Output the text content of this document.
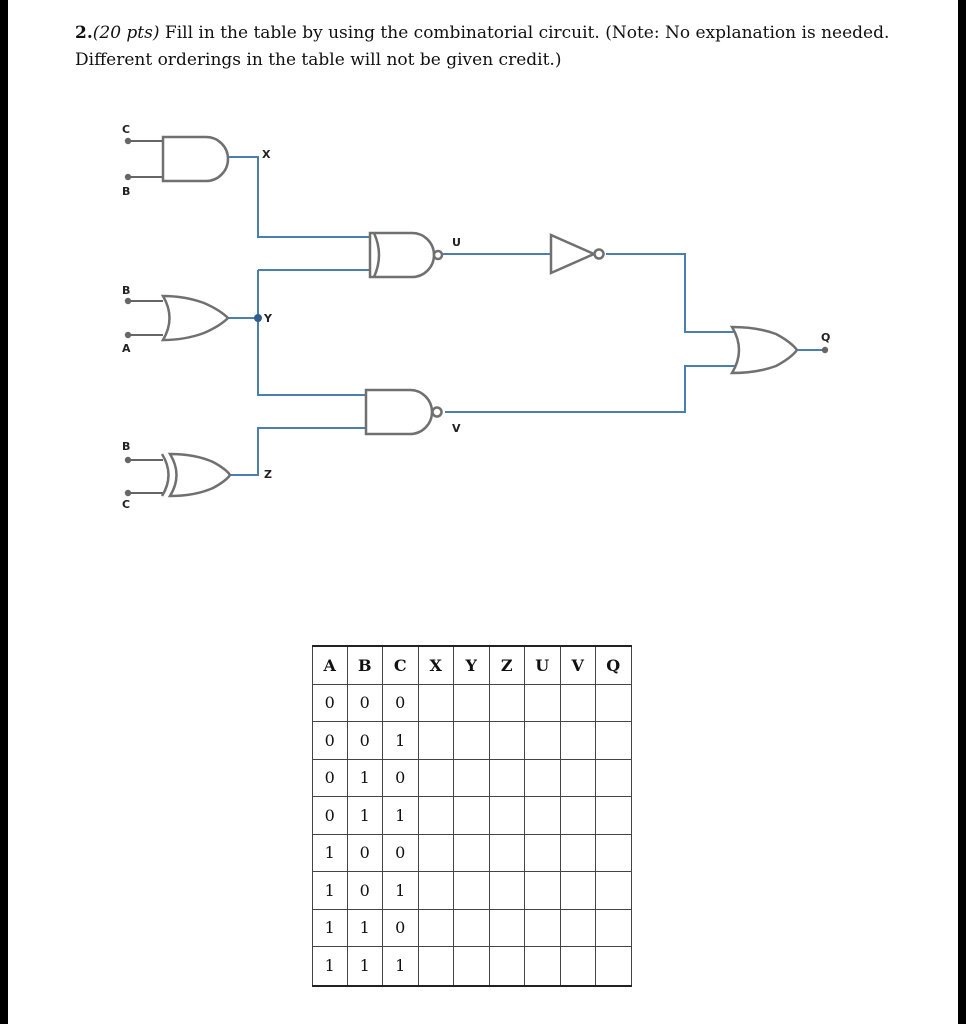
2.(20 pts) Fill in the table by using the combinatorial circuit. (Note: No explanation is needed. Different orderings in the table will not be given credit.)
C
B
B
A
B
C
X
Y
Z
U
V
Q
A	B	C	X	Y	Z	U	V	Q
0	0	0						
0	0	1						
0	1	0						
0	1	1						
1	0	0						
1	0	1						
1	1	0						
1	1	1						
